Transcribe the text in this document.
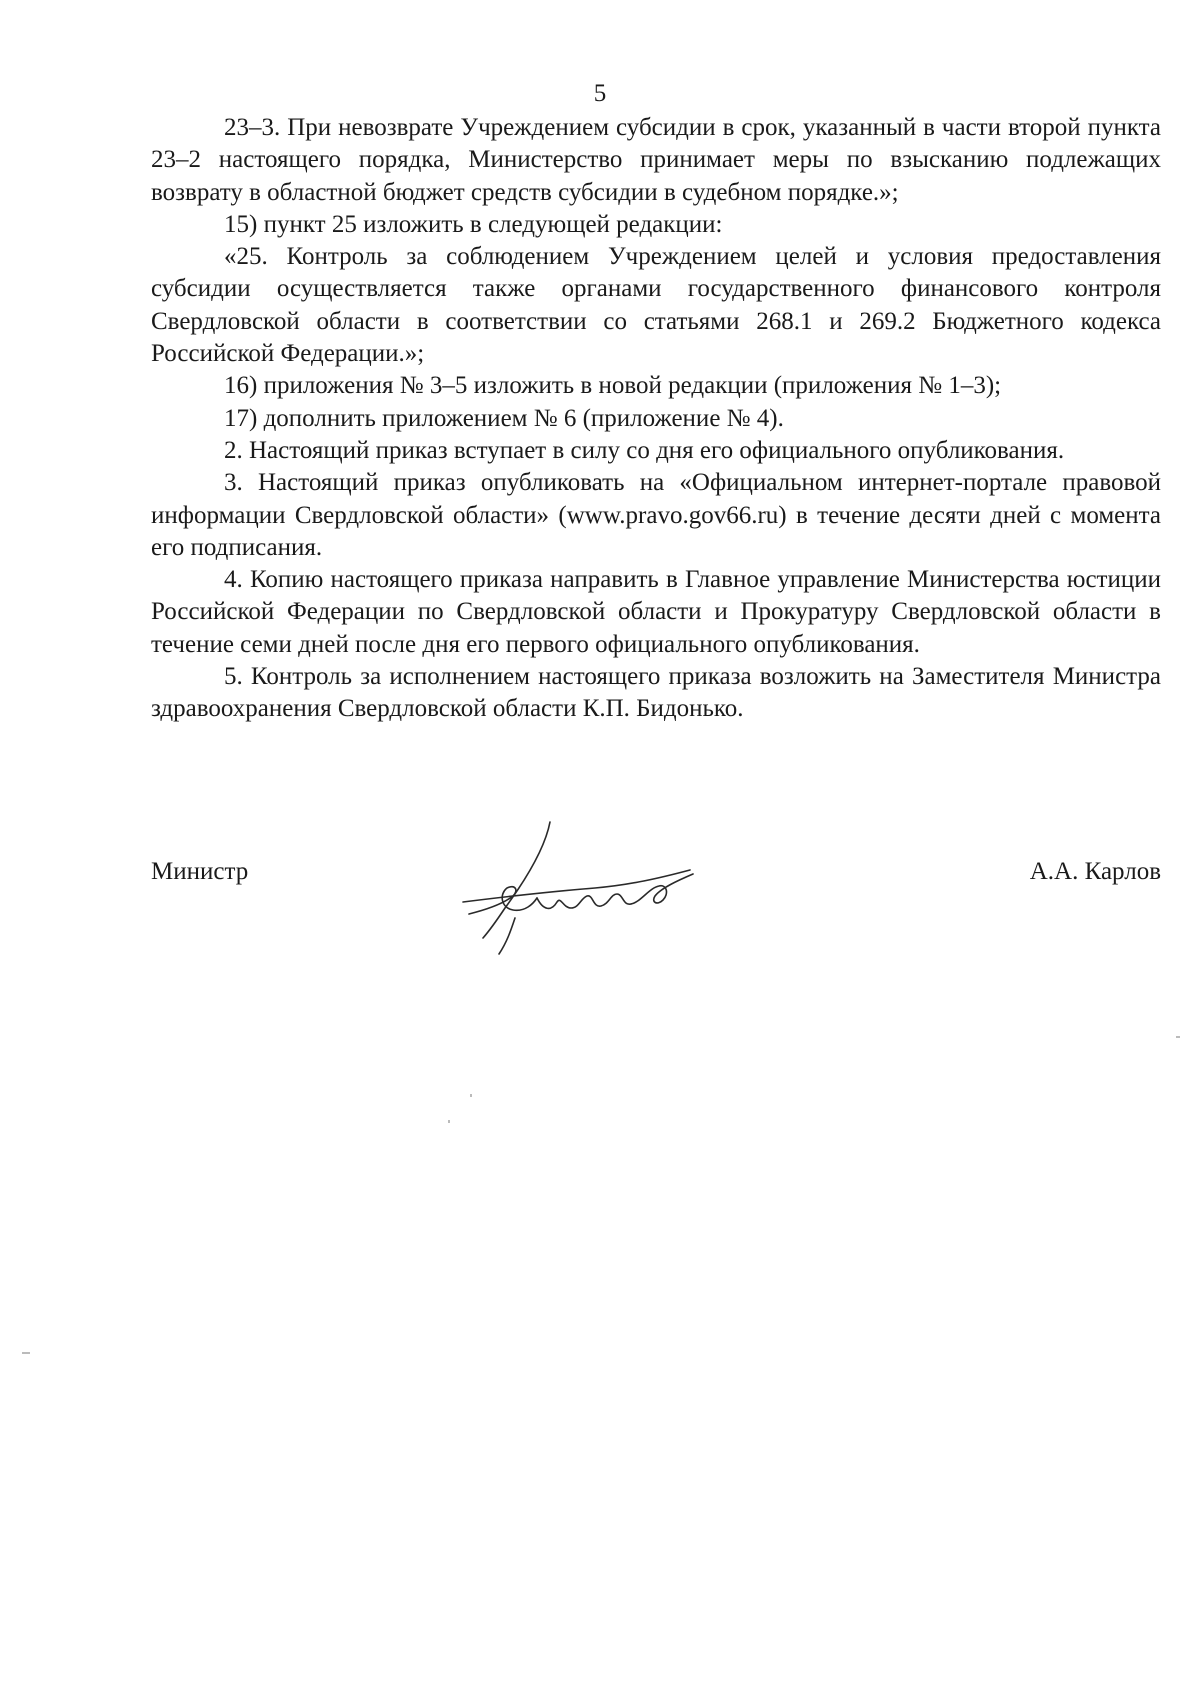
5

23–3. При невозврате Учреждением субсидии в срок, указанный в части второй пункта 23–2 настоящего порядка, Министерство принимает меры по взысканию подлежащих возврату в областной бюджет средств субсидии в судебном порядке.»;

15) пункт 25 изложить в следующей редакции:

«25. Контроль за соблюдением Учреждением целей и условия предоставления субсидии осуществляется также органами государственного финансового контроля Свердловской области в соответствии со статьями 268.1 и 269.2 Бюджетного кодекса Российской Федерации.»;

16) приложения № 3–5 изложить в новой редакции (приложения № 1–3);

17) дополнить приложением № 6 (приложение № 4).

2. Настоящий приказ вступает в силу со дня его официального опубликования.

3. Настоящий приказ опубликовать на «Официальном интернет-портале правовой информации Свердловской области» (www.pravo.gov66.ru) в течение десяти дней с момента его подписания.

4. Копию настоящего приказа направить в Главное управление Министерства юстиции Российской Федерации по Свердловской области и Прокуратуру Свердловской области в течение семи дней после дня его первого официального опубликования.

5. Контроль за исполнением настоящего приказа возложить на Заместителя Министра здравоохранения Свердловской области К.П. Бидонько.

Министр	А.А. Карлов
